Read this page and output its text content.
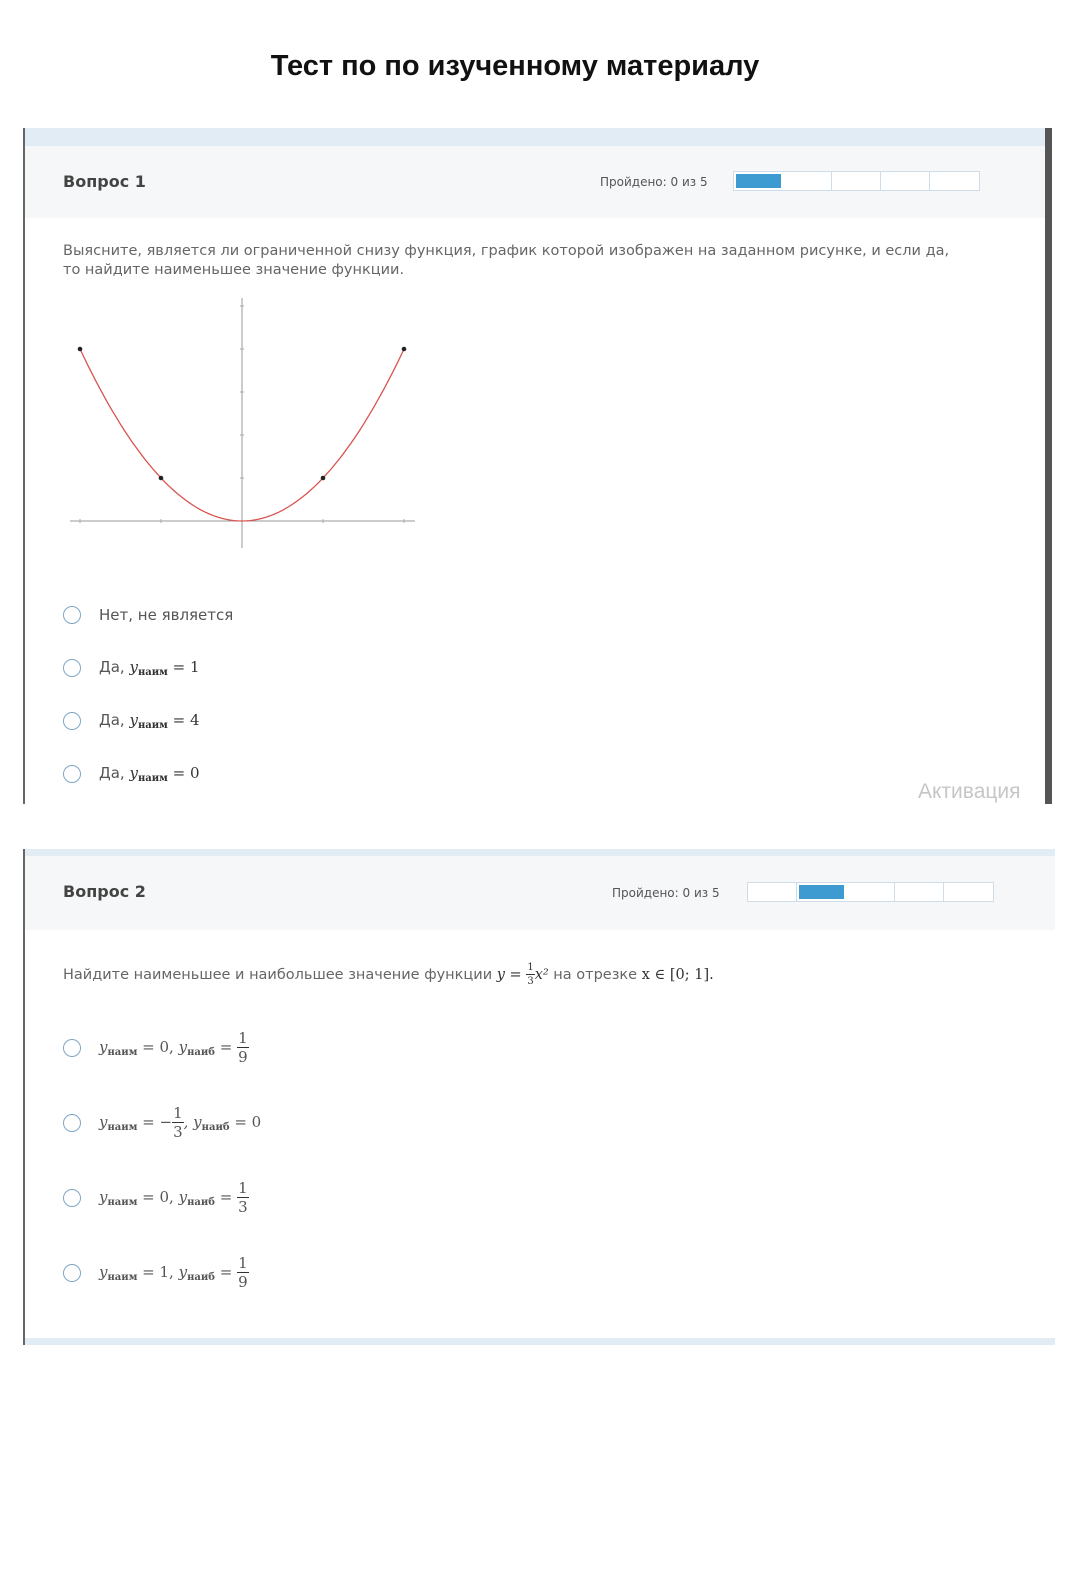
Тест по по изученному материалу
Вопрос 1	Пройдено: 0 из 5
Выясните, является ли ограниченной снизу функция, график которой изображен на заданном рисунке, и если да, то найдите наименьшее значение функции.
Нет, не является
Да, $y_{наим} = 1$
Да, $y_{наим} = 4$
Да, $y_{наим} = 0$
Активация
Вопрос 2	Пройдено: 0 из 5
Найдите наименьшее и наибольшее значение функции $y = \frac{1}{3} x^2$ на отрезке x ∈ [0; 1].
$y_{наим} = 0$, $y_{наиб} = \frac{1}{9}$
$y_{наим}$ = − $\frac{1}{3}$ , $y_{наиб} = 0$
$y_{наим} = 0$, $y_{наиб} = \frac{1}{3}$
$y_{наим} = 1$, $y_{наиб} = \frac{1}{9}$
